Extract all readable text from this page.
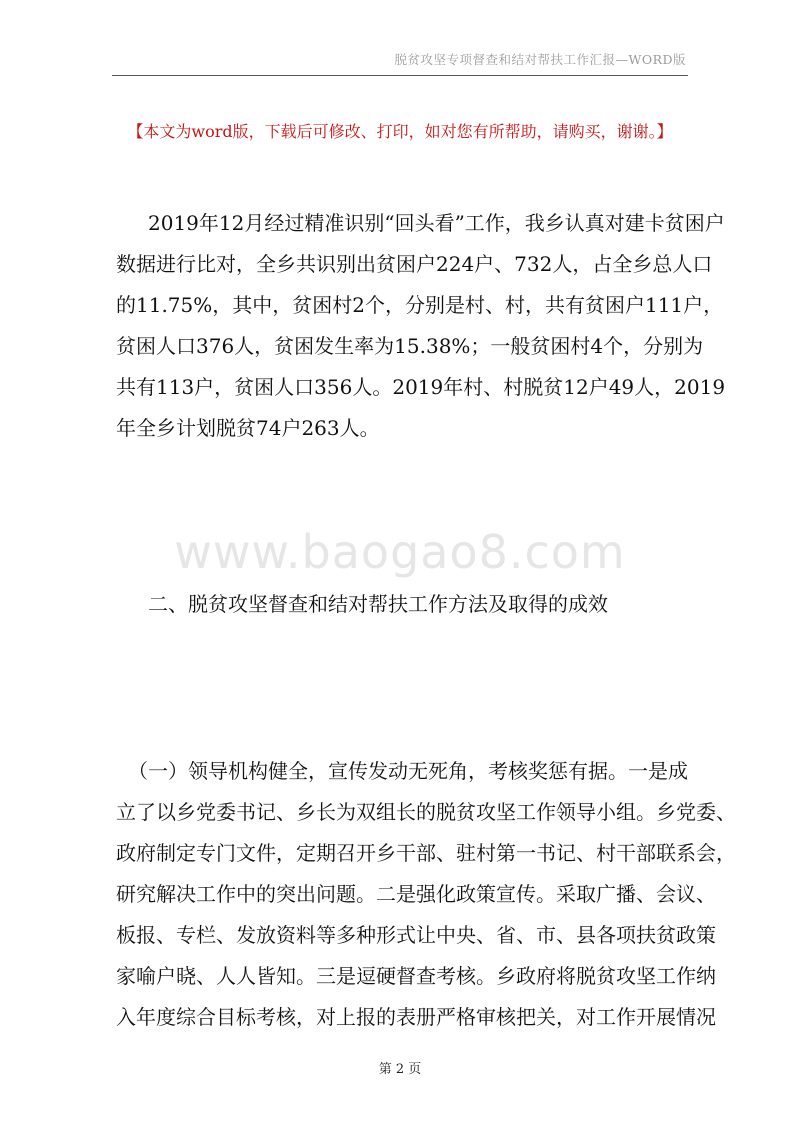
脱贫攻坚专项督查和结对帮扶工作汇报—WORD版
【本文为word版，下载后可修改、打印，如对您有所帮助，请购买，谢谢。】

2019年12月经过精准识别“回头看”工作，我乡认真对建卡贫困户
数据进行比对，全乡共识别出贫困户224户、732人，占全乡总人口
的11.75%，其中，贫困村2个，分别是村、村，共有贫困户111户，
贫困人口376人，贫困发生率为15.38%；一般贫困村4个，分别为
共有113户，贫困人口356人。2019年村、村脱贫12户49人，2019
年全乡计划脱贫74户263人。

www.baogao8.com
二、脱贫攻坚督查和结对帮扶工作方法及取得的成效

（一）领导机构健全，宣传发动无死角，考核奖惩有据。一是成
立了以乡党委书记、乡长为双组长的脱贫攻坚工作领导小组。乡党委、
政府制定专门文件，定期召开乡干部、驻村第一书记、村干部联系会，
研究解决工作中的突出问题。二是强化政策宣传。采取广播、会议、
板报、专栏、发放资料等多种形式让中央、省、市、县各项扶贫政策
家喻户晓、人人皆知。三是逗硬督查考核。乡政府将脱贫攻坚工作纳
入年度综合目标考核，对上报的表册严格审核把关，对工作开展情况

第 2 页
